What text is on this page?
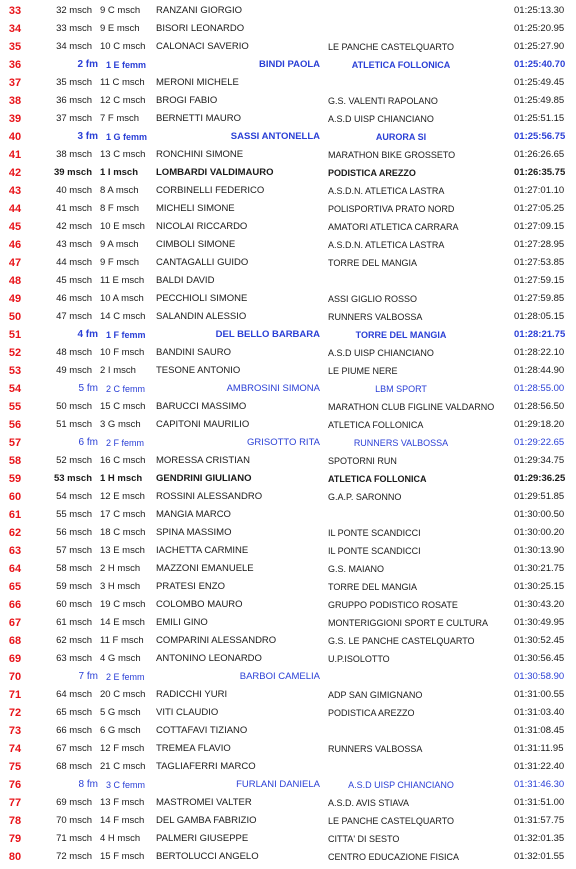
33	32 msch 9 C msch	RANZANI GIORGIO	01:25:13.30
34	33 msch 9 E msch	BISORI LEONARDO	01:25:20.95
35	34 msch 10 C msch	CALONACI SAVERIO	LE PANCHE CASTELQUARTO	01:25:27.90
36	2 fm 1 E femm	BINDI PAOLA	ATLETICA FOLLONICA	01:25:40.70
37	35 msch 11 C msch	MERONI MICHELE	01:25:49.45
38	36 msch 12 C msch	BROGI FABIO	G.S. VALENTI RAPOLANO	01:25:49.85
39	37 msch 7 F msch	BERNETTI MAURO	A.S.D UISP CHIANCIANO	01:25:51.15
40	3 fm 1 G femm	SASSI ANTONELLA	AURORA SI	01:25:56.75
41	38 msch 13 C msch	RONCHINI SIMONE	MARATHON BIKE GROSSETO	01:26:26.65
42	39 msch 1 I msch	LOMBARDI VALDIMAURO	PODISTICA AREZZO	01:26:35.75
43	40 msch 8 A msch	CORBINELLI FEDERICO	A.S.D.N. ATLETICA LASTRA	01:27:01.10
44	41 msch 8 F msch	MICHELI SIMONE	POLISPORTIVA PRATO NORD	01:27:05.25
45	42 msch 10 E msch	NICOLAI RICCARDO	AMATORI ATLETICA CARRARA	01:27:09.15
46	43 msch 9 A msch	CIMBOLI SIMONE	A.S.D.N. ATLETICA LASTRA	01:27:28.95
47	44 msch 9 F msch	CANTAGALLI GUIDO	TORRE DEL MANGIA	01:27:53.85
48	45 msch 11 E msch	BALDI DAVID	01:27:59.15
49	46 msch 10 A msch	PECCHIOLI SIMONE	ASSI GIGLIO ROSSO	01:27:59.85
50	47 msch 14 C msch	SALANDIN ALESSIO	RUNNERS VALBOSSA	01:28:05.15
51	4 fm 1 F femm	DEL BELLO BARBARA	TORRE DEL MANGIA	01:28:21.75
52	48 msch 10 F msch	BANDINI SAURO	A.S.D UISP CHIANCIANO	01:28:22.10
53	49 msch 2 I msch	TESONE ANTONIO	LE PIUME NERE	01:28:44.90
54	5 fm 2 C femm	AMBROSINI SIMONA	LBM SPORT	01:28:55.00
55	50 msch 15 C msch	BARUCCI MASSIMO	MARATHON CLUB FIGLINE VALDARNO 01:28:56.50
56	51 msch 3 G msch	CAPITONI MAURILIO	ATLETICA FOLLONICA	01:29:18.20
57	6 fm 2 F femm	GRISOTTO RITA	RUNNERS VALBOSSA	01:29:22.65
58	52 msch 16 C msch	MORESSA CRISTIAN	SPOTORNI RUN	01:29:34.75
59	53 msch 1 H msch	GENDRINI GIULIANO	ATLETICA FOLLONICA	01:29:36.25
60	54 msch 12 E msch	ROSSINI ALESSANDRO	G.A.P. SARONNO	01:29:51.85
61	55 msch 17 C msch	MANGIA MARCO	01:30:00.50
62	56 msch 18 C msch	SPINA MASSIMO	IL PONTE SCANDICCI	01:30:00.20
63	57 msch 13 E msch	IACHETTA CARMINE	IL PONTE SCANDICCI	01:30:13.90
64	58 msch 2 H msch	MAZZONI EMANUELE	G.S. MAIANO	01:30:21.75
65	59 msch 3 H msch	PRATESI ENZO	TORRE DEL MANGIA	01:30:25.15
66	60 msch 19 C msch	COLOMBO MAURO	GRUPPO PODISTICO ROSATE	01:30:43.20
67	61 msch 14 E msch	EMILI GINO	MONTERIGGIONI SPORT E CULTURA	01:30:49.95
68	62 msch 11 F msch	COMPARINI ALESSANDRO	G.S. LE PANCHE CASTELQUARTO	01:30:52.45
69	63 msch 4 G msch	ANTONINO LEONARDO	U.P.ISOLOTTO	01:30:56.45
70	7 fm 2 E femm	BARBOI CAMELIA	01:30:58.90
71	64 msch 20 C msch	RADICCHI YURI	ADP SAN GIMIGNANO	01:31:00.55
72	65 msch 5 G msch	VITI CLAUDIO	PODISTICA AREZZO	01:31:03.40
73	66 msch 6 G msch	COTTAFAVI TIZIANO	01:31:08.45
74	67 msch 12 F msch	TREMEA FLAVIO	RUNNERS VALBOSSA	01:31:11.95
75	68 msch 21 C msch	TAGLIAFERRI MARCO	01:31:22.40
76	8 fm 3 C femm	FURLANI DANIELA	A.S.D UISP CHIANCIANO	01:31:46.30
77	69 msch 13 F msch	MASTROMEI VALTER	A.S.D. AVIS STIAVA	01:31:51.00
78	70 msch 14 F msch	DEL GAMBA FABRIZIO	LE PANCHE CASTELQUARTO	01:31:57.75
79	71 msch 4 H msch	PALMERI GIUSEPPE	CITTA' DI SESTO	01:32:01.35
80	72 msch 15 F msch	BERTOLUCCI ANGELO	CENTRO EDUCAZIONE FISICA	01:32:01.55
